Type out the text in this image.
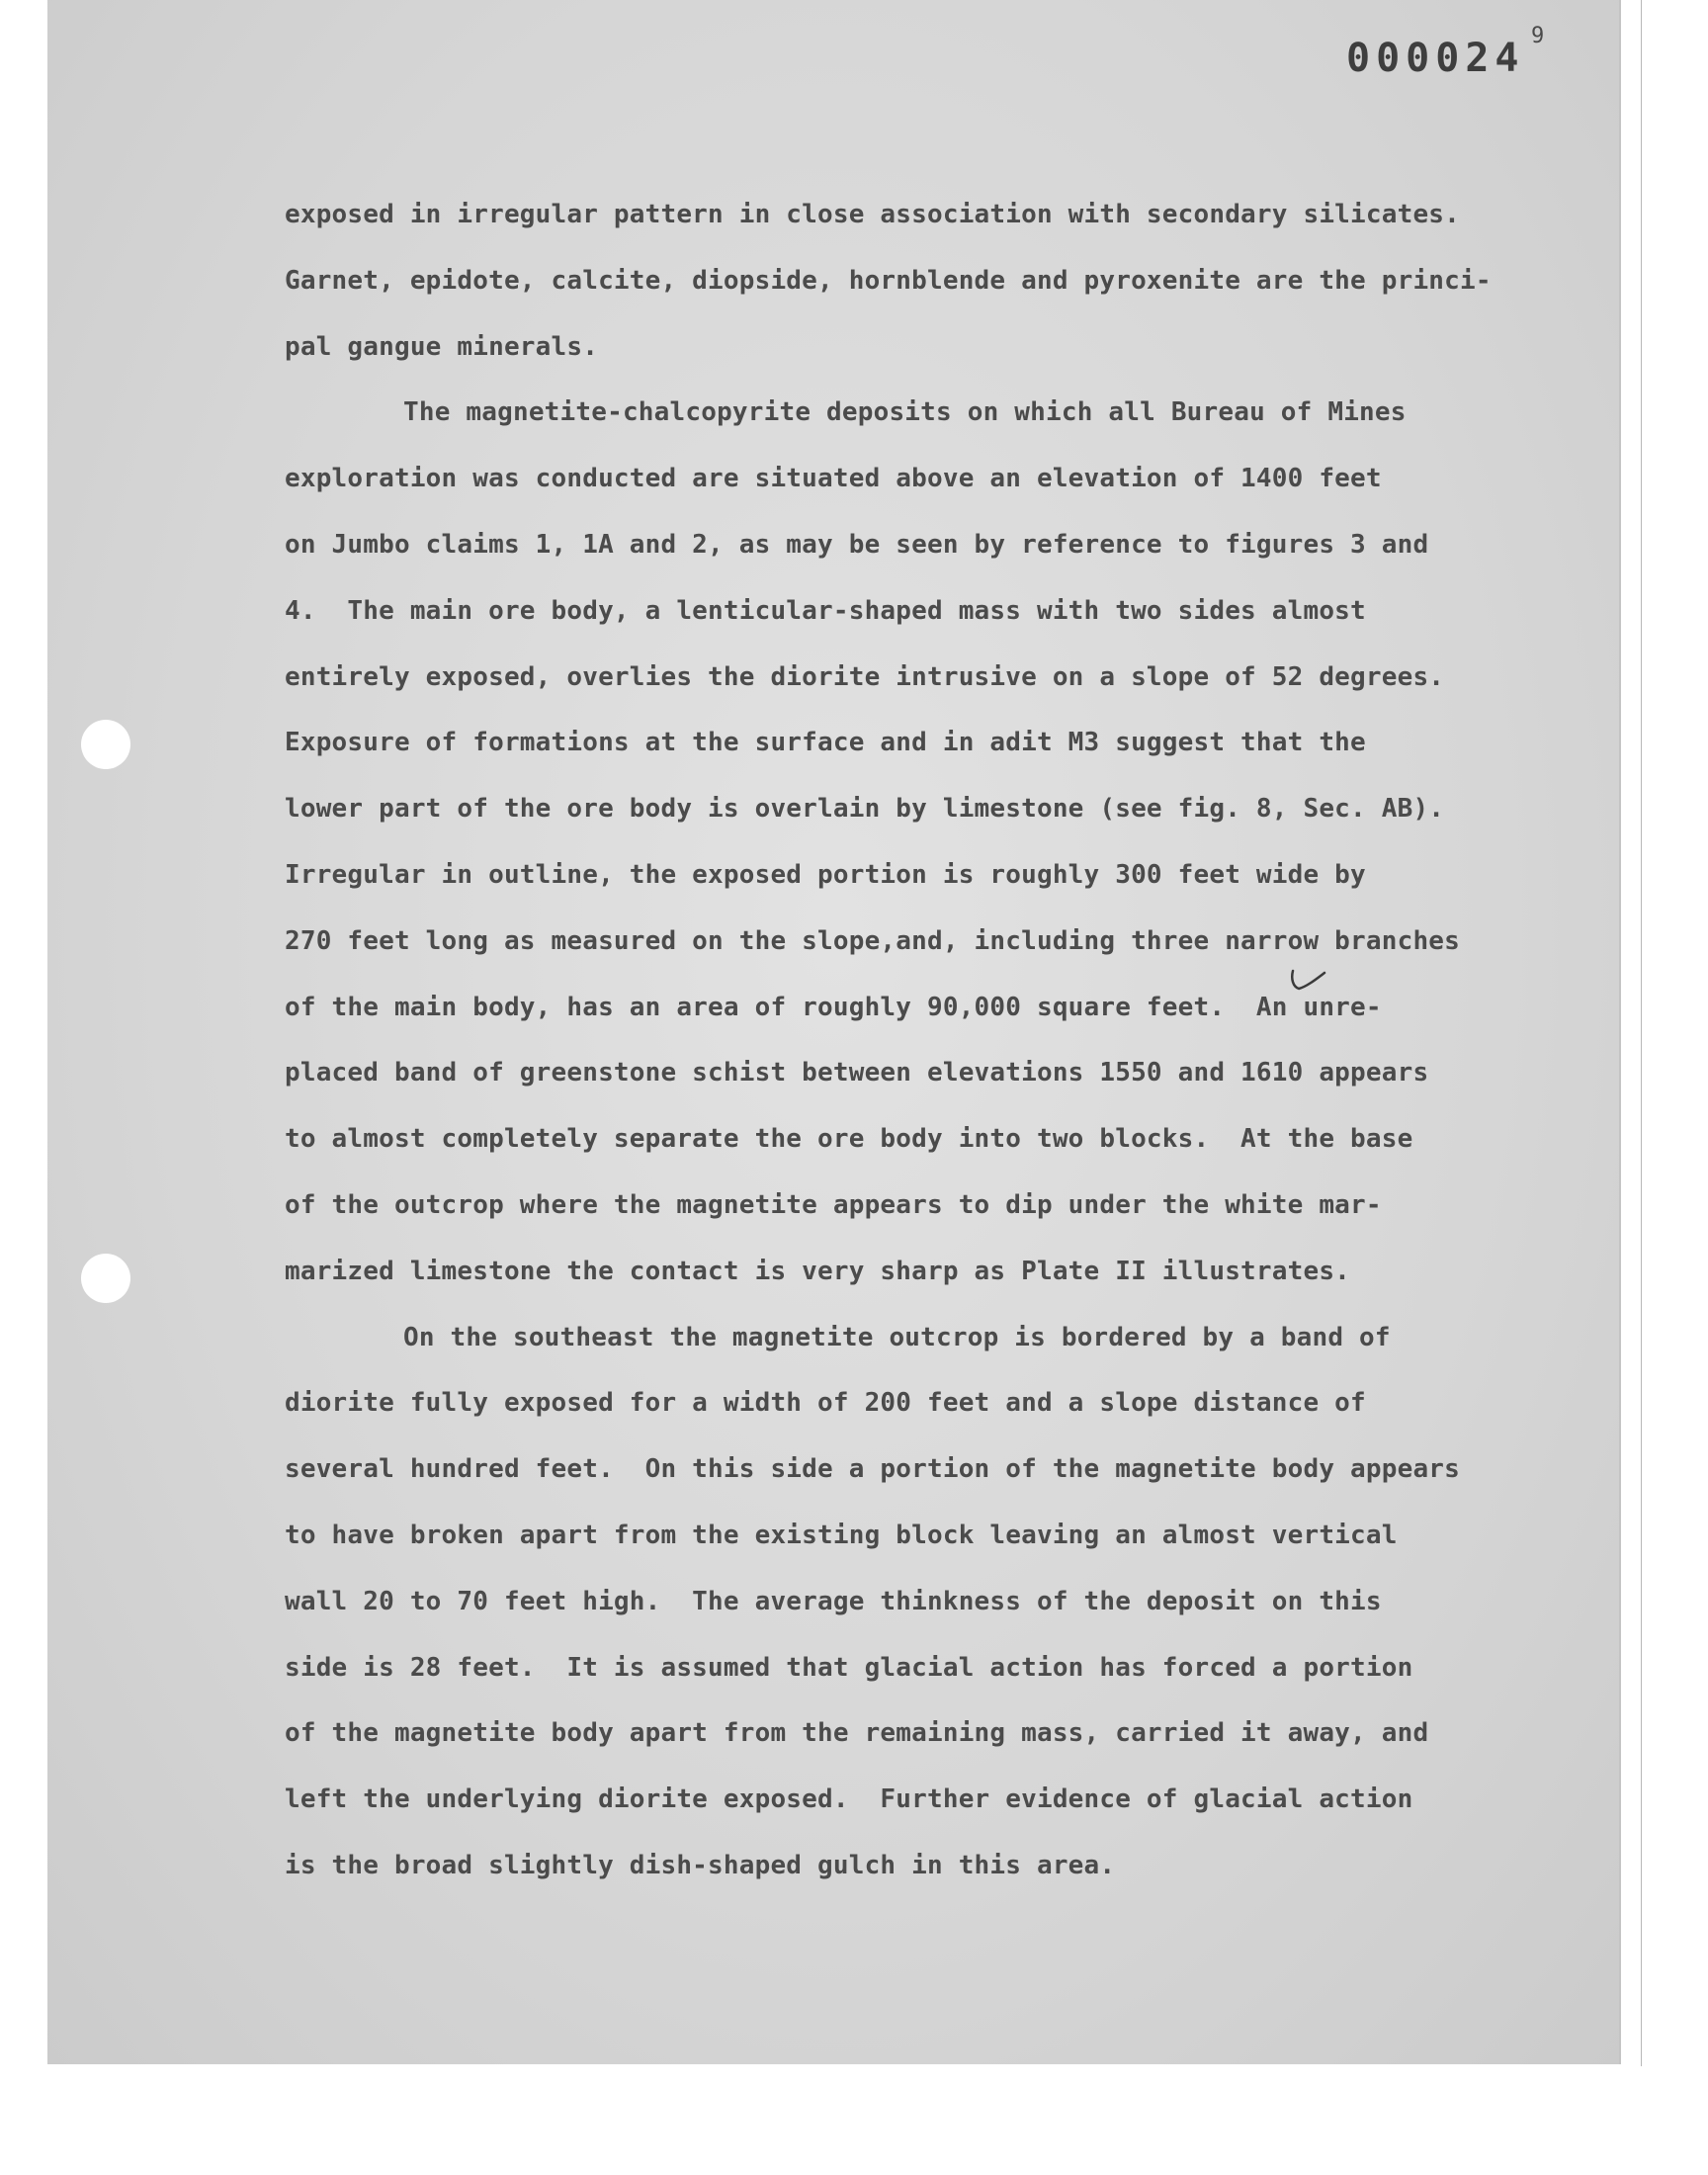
000024 9
exposed in irregular pattern in close association with secondary silicates.
Garnet, epidote, calcite, diopside, hornblende and pyroxenite are the princi-
pal gangue minerals.
The magnetite-chalcopyrite deposits on which all Bureau of Mines
exploration was conducted are situated above an elevation of 1400 feet
on Jumbo claims 1, 1A and 2, as may be seen by reference to figures 3 and
4.  The main ore body, a lenticular-shaped mass with two sides almost
entirely exposed, overlies the diorite intrusive on a slope of 52 degrees.
Exposure of formations at the surface and in adit M3 suggest that the
lower part of the ore body is overlain by limestone (see fig. 8, Sec. AB).
Irregular in outline, the exposed portion is roughly 300 feet wide by
270 feet long as measured on the slope,and, including three narrow branches
of the main body, has an area of roughly 90,000 square feet.  An unre-
placed band of greenstone schist between elevations 1550 and 1610 appears
to almost completely separate the ore body into two blocks.  At the base
of the outcrop where the magnetite appears to dip under the white mar-
marized limestone the contact is very sharp as Plate II illustrates.
On the southeast the magnetite outcrop is bordered by a band of
diorite fully exposed for a width of 200 feet and a slope distance of
several hundred feet.  On this side a portion of the magnetite body appears
to have broken apart from the existing block leaving an almost vertical
wall 20 to 70 feet high.  The average thinkness of the deposit on this
side is 28 feet.  It is assumed that glacial action has forced a portion
of the magnetite body apart from the remaining mass, carried it away, and
left the underlying diorite exposed.  Further evidence of glacial action
is the broad slightly dish-shaped gulch in this area.
